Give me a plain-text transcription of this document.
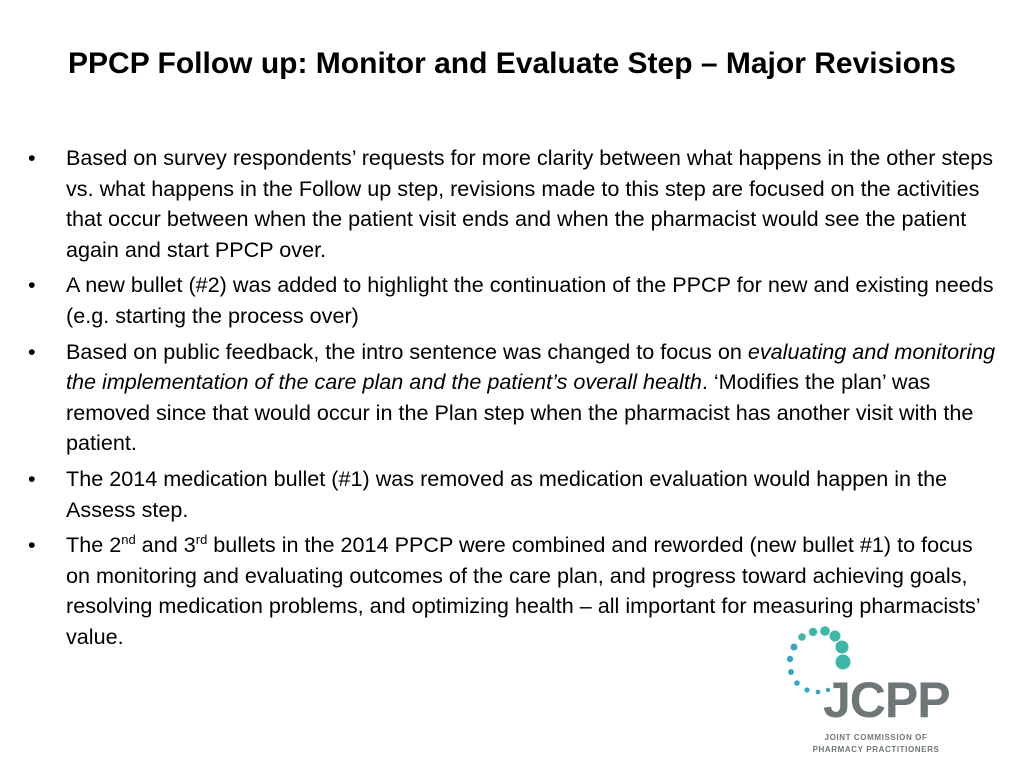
PPCP Follow up: Monitor and Evaluate Step – Major Revisions
• Based on survey respondents’ requests for more clarity between what happens in the other steps vs. what happens in the Follow up step, revisions made to this step are focused on the activities that occur between when the patient visit ends and when the pharmacist would see the patient again and start PPCP over.
• A new bullet (#2) was added to highlight the continuation of the PPCP for new and existing needs (e.g. starting the process over)
• Based on public feedback, the intro sentence was changed to focus on evaluating and monitoring the implementation of the care plan and the patient’s overall health. ‘Modifies the plan’ was removed since that would occur in the Plan step when the pharmacist has another visit with the patient.
• The 2014 medication bullet (#1) was removed as medication evaluation would happen in the Assess step.
• The 2nd and 3rd bullets in the 2014 PPCP were combined and reworded (new bullet #1) to focus on monitoring and evaluating outcomes of the care plan, and progress toward achieving goals, resolving medication problems, and optimizing health – all important for measuring pharmacists’ value.
JCPP
JOINT COMMISSION OF
PHARMACY PRACTITIONERS
